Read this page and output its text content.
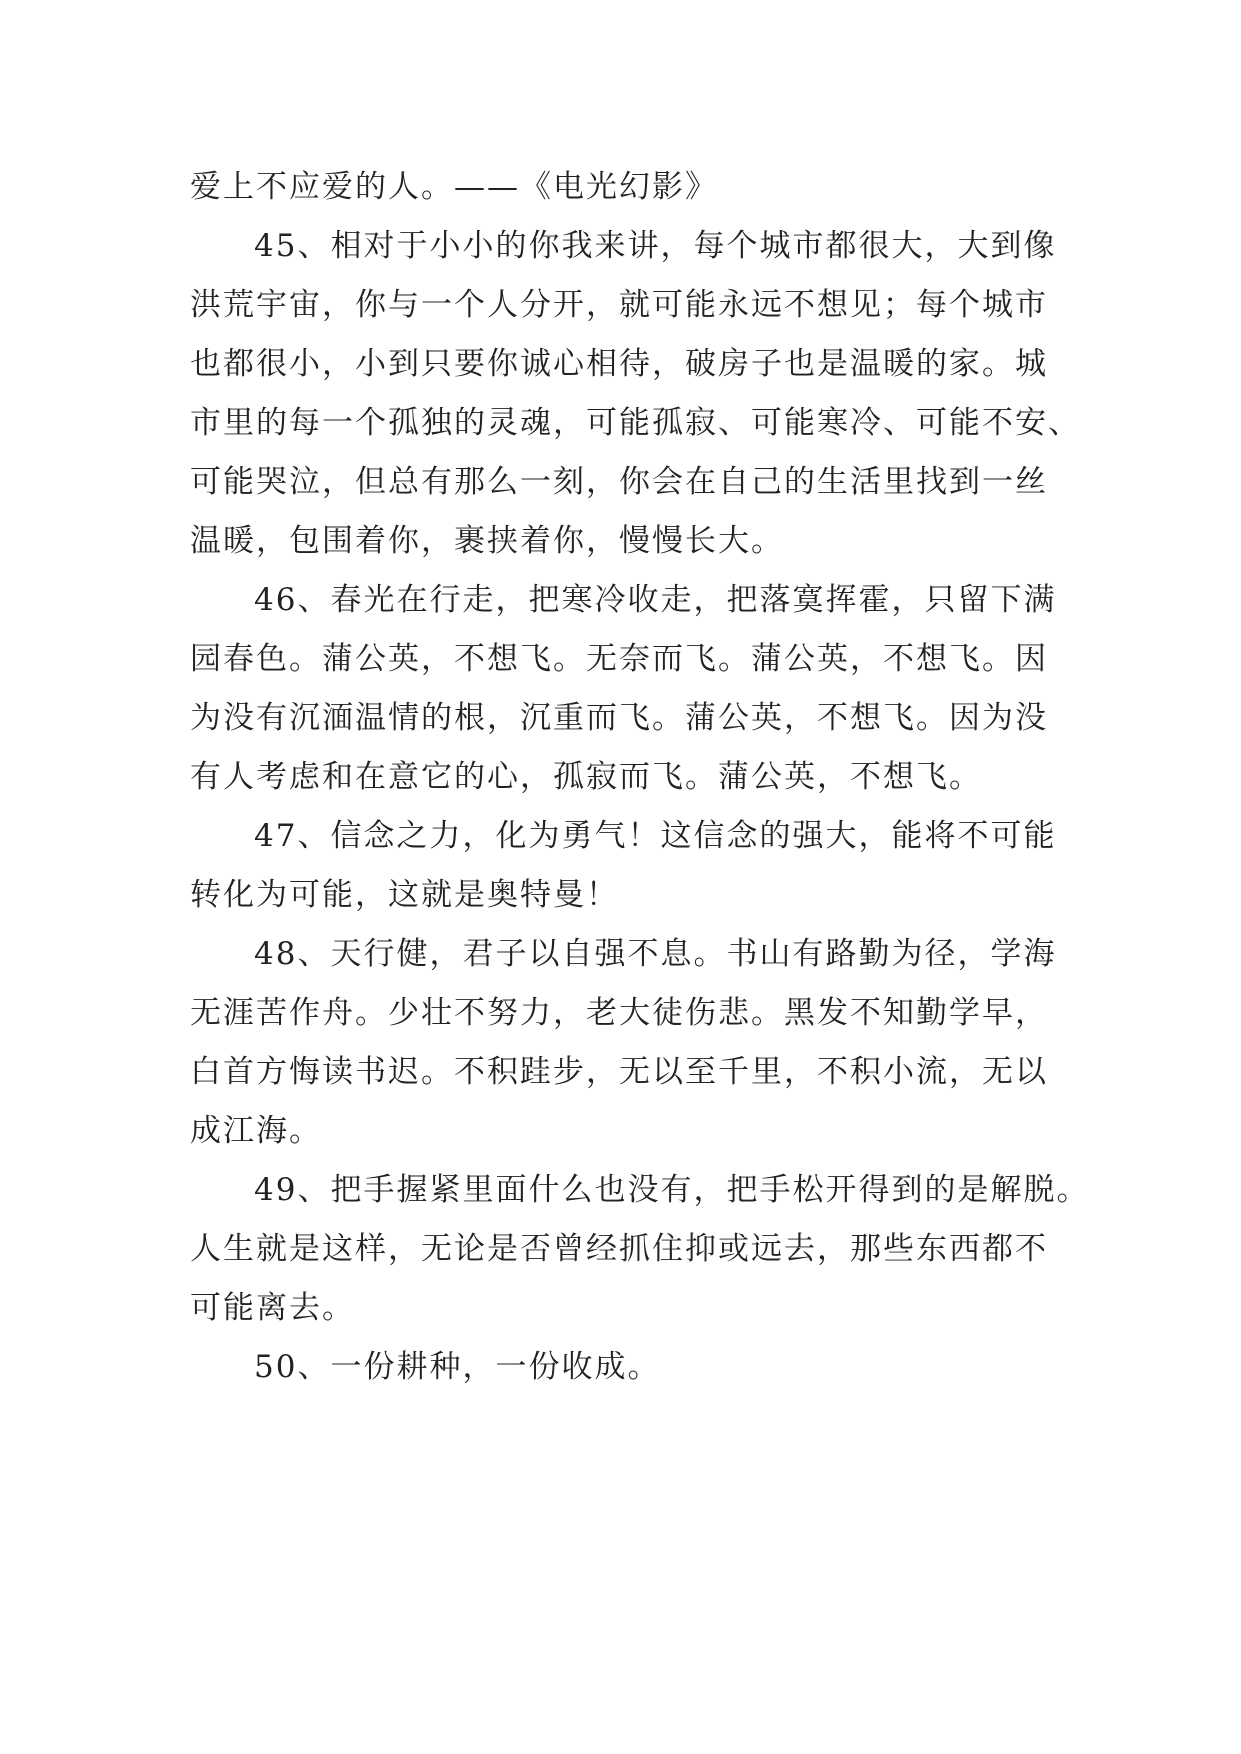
爱上不应爱的人。——《电光幻影》
45、相对于小小的你我来讲，每个城市都很大，大到像
洪荒宇宙，你与一个人分开，就可能永远不想见；每个城市
也都很小，小到只要你诚心相待，破房子也是温暖的家。城
市里的每一个孤独的灵魂，可能孤寂、可能寒冷、可能不安、
可能哭泣，但总有那么一刻，你会在自己的生活里找到一丝
温暖，包围着你，裹挟着你，慢慢长大。
46、春光在行走，把寒冷收走，把落寞挥霍，只留下满
园春色。蒲公英，不想飞。无奈而飞。蒲公英，不想飞。因
为没有沉湎温情的根，沉重而飞。蒲公英，不想飞。因为没
有人考虑和在意它的心，孤寂而飞。蒲公英，不想飞。
47、信念之力，化为勇气！这信念的强大，能将不可能
转化为可能，这就是奥特曼！
48、天行健，君子以自强不息。书山有路勤为径，学海
无涯苦作舟。少壮不努力，老大徒伤悲。黑发不知勤学早，
白首方悔读书迟。不积跬步，无以至千里，不积小流，无以
成江海。
49、把手握紧里面什么也没有，把手松开得到的是解脱。
人生就是这样，无论是否曾经抓住抑或远去，那些东西都不
可能离去。
50、一份耕种，一份收成。
